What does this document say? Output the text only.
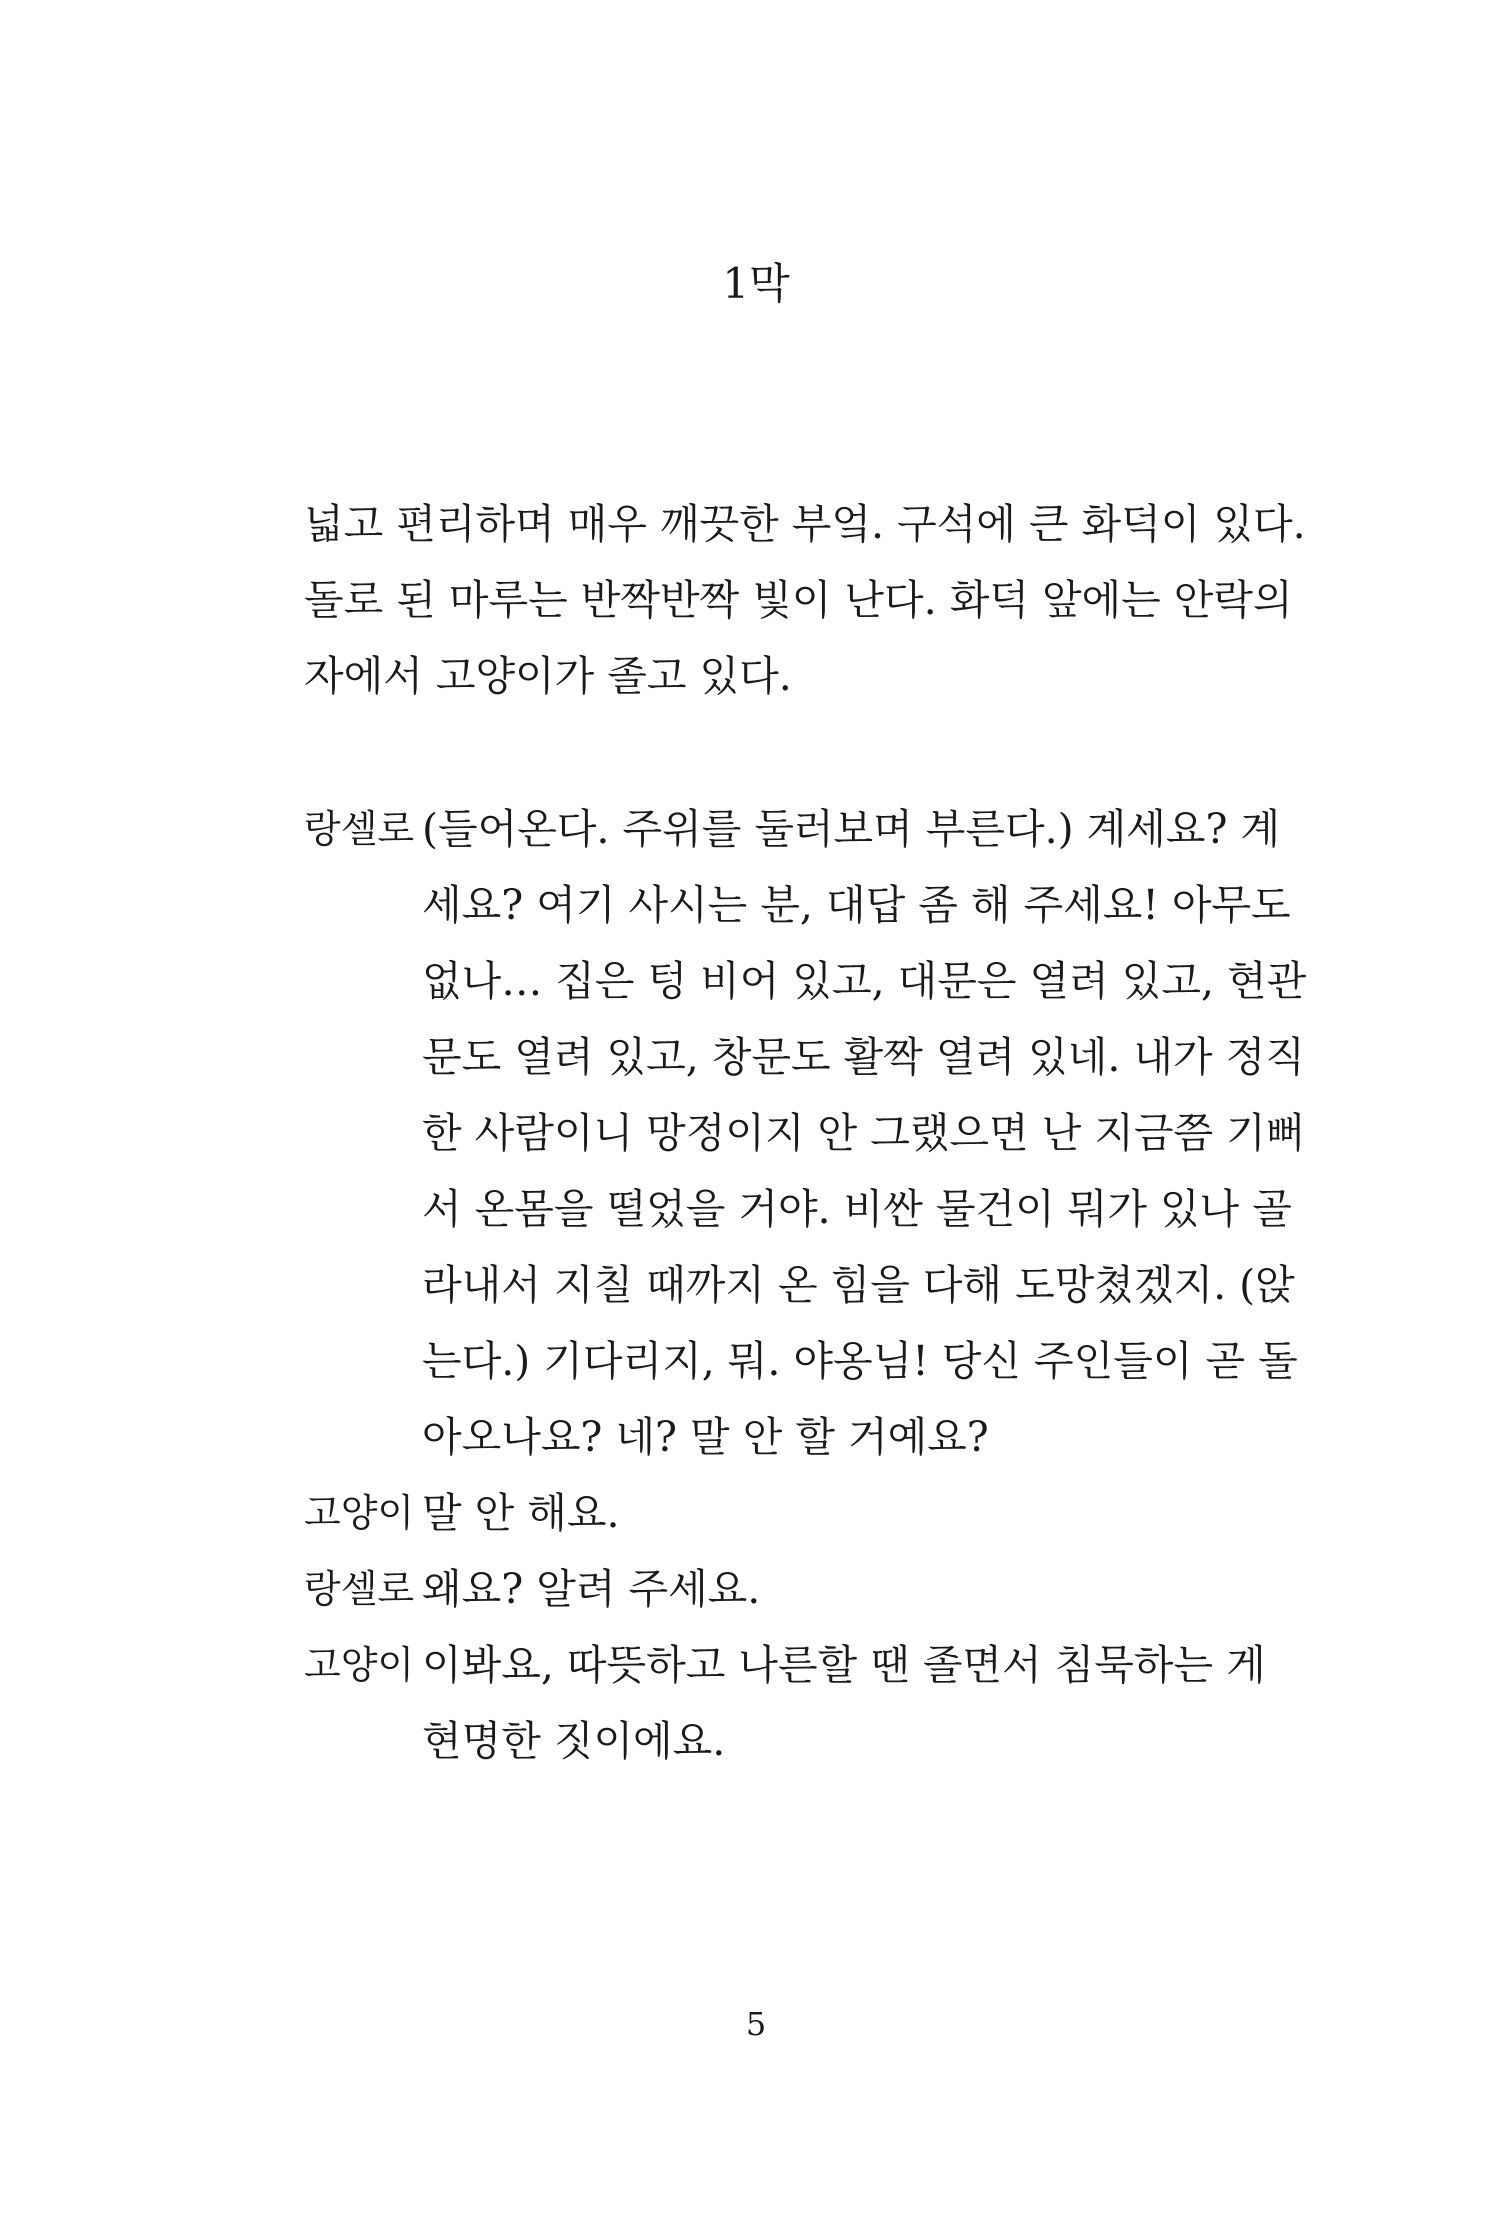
1막
넓고 편리하며 매우 깨끗한 부엌. 구석에 큰 화덕이 있다.
돌로 된 마루는 반짝반짝 빛이 난다. 화덕 앞에는 안락의
자에서 고양이가 졸고 있다.
랑셀로 (들어온다. 주위를 둘러보며 부른다.) 계세요? 계
세요? 여기 사시는 분, 대답 좀 해 주세요! 아무도
없나… 집은 텅 비어 있고, 대문은 열려 있고, 현관
문도 열려 있고, 창문도 활짝 열려 있네. 내가 정직
한 사람이니 망정이지 안 그랬으면 난 지금쯤 기뻐
서 온몸을 떨었을 거야. 비싼 물건이 뭐가 있나 골
라내서 지칠 때까지 온 힘을 다해 도망쳤겠지. (앉
는다.) 기다리지, 뭐. 야옹님! 당신 주인들이 곧 돌
아오나요? 네? 말 안 할 거예요?
고양이 말 안 해요.
랑셀로 왜요? 알려 주세요.
고양이 이봐요, 따뜻하고 나른할 땐 졸면서 침묵하는 게
현명한 짓이에요.
5
